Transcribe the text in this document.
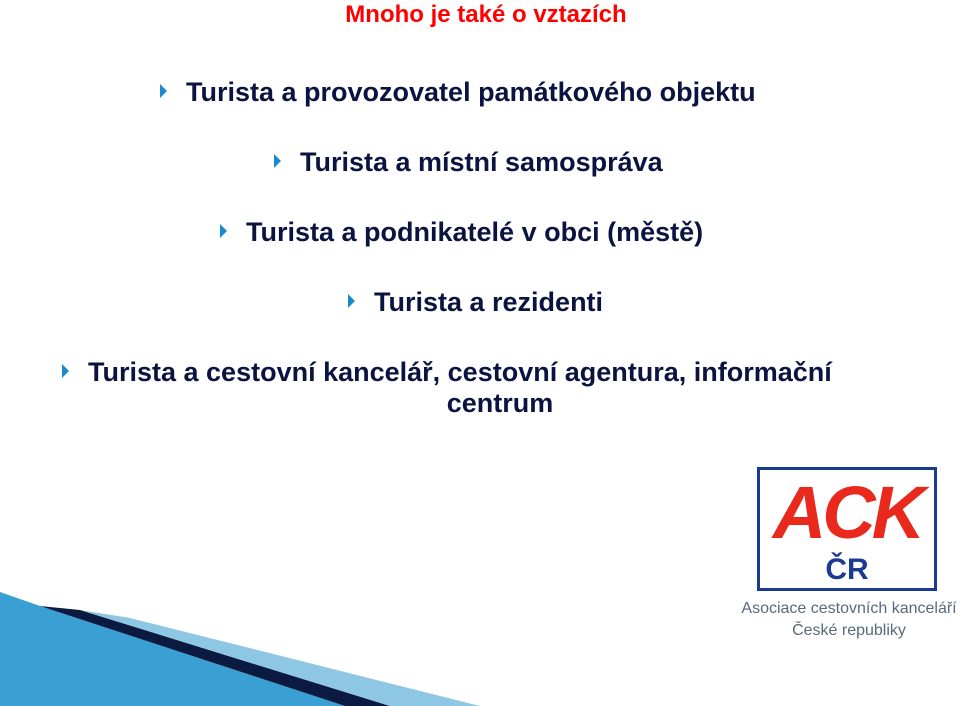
Mnoho je také o vztazích
Turista a provozovatel památkového objektu
Turista a místní samospráva
Turista a podnikatelé v obci (městě)
Turista a rezidenti
Turista a cestovní kancelář, cestovní agentura, informační
centrum
ACK
ČR
Asociace cestovních kanceláří
České republiky
